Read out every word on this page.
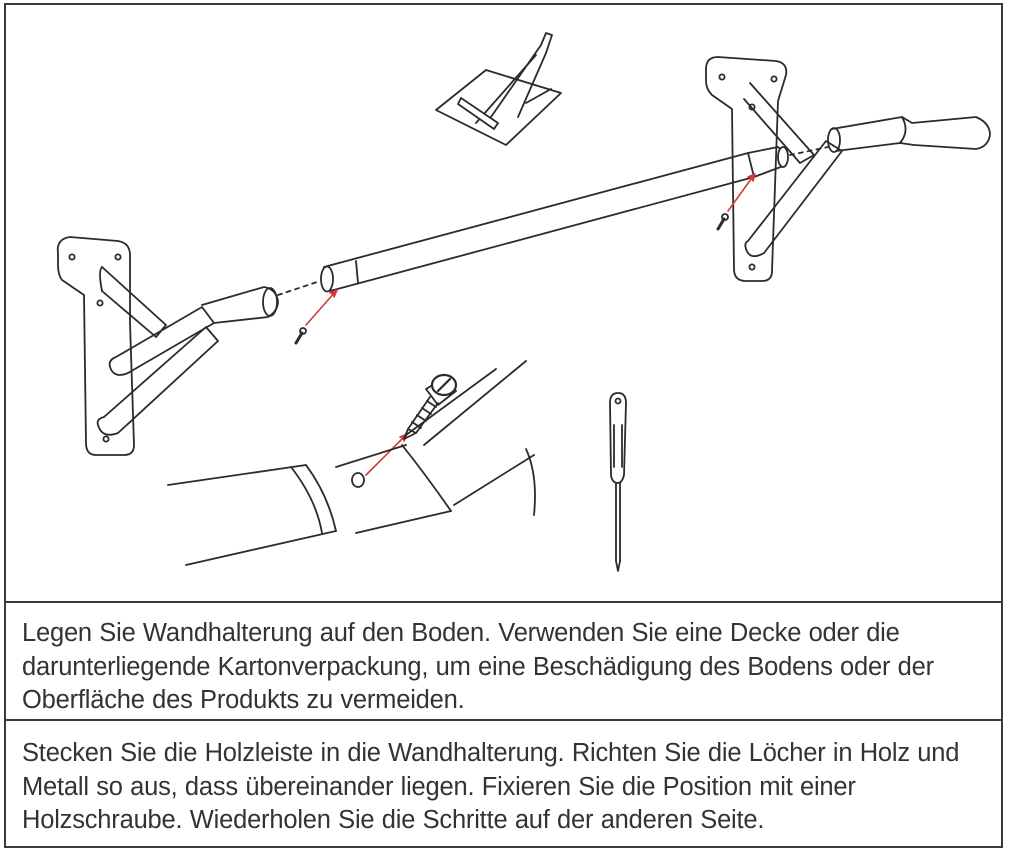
Legen Sie Wandhalterung auf den Boden. Verwenden Sie eine Decke oder die darunterliegende Kartonverpackung, um eine Beschädigung des Bodens oder der Oberfläche des Produkts zu vermeiden.
Stecken Sie die Holzleiste in die Wandhalterung. Richten Sie die Löcher in Holz und Metall so aus, dass übereinander liegen. Fixieren Sie die Position mit einer Holzschraube. Wiederholen Sie die Schritte auf der anderen Seite.
